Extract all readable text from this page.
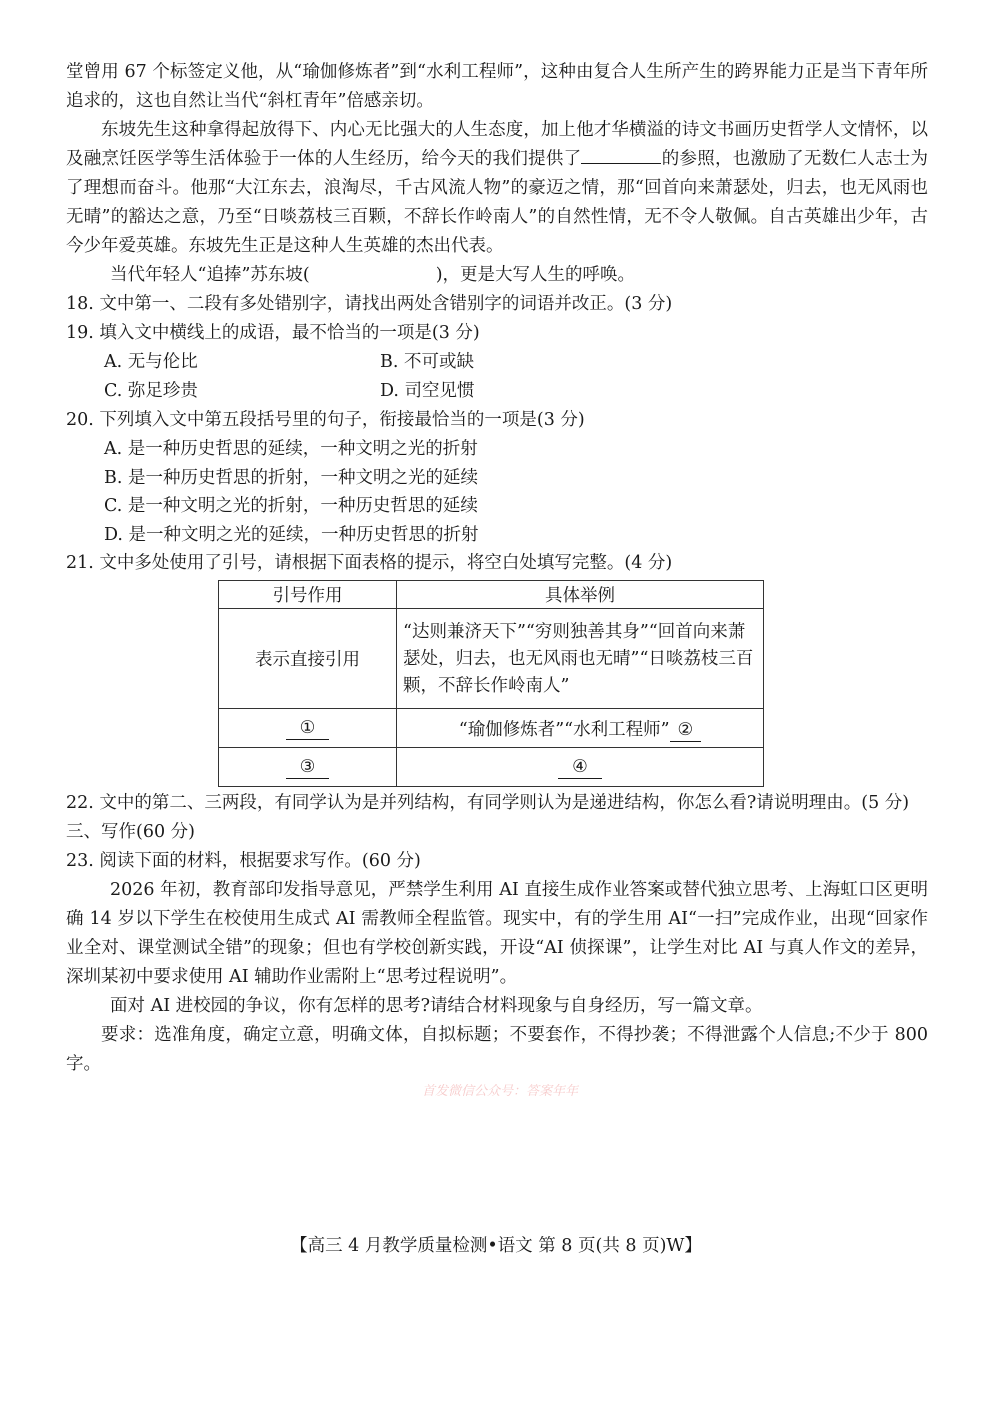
堂曾用 67 个标签定义他，从“瑜伽修炼者”到“水利工程师”，这种由复合人生所产生的跨界能力正是当下青年所追求的，这也自然让当代“斜杠青年”倍感亲切。

东坡先生这种拿得起放得下、内心无比强大的人生态度，加上他才华横溢的诗文书画历史哲学人文情怀，以及融烹饪医学等生活体验于一体的人生经历，给今天的我们提供了	的参照，也激励了无数仁人志士为了理想而奋斗。他那“大江东去，浪淘尽，千古风流人物”的豪迈之情，那“回首向来萧瑟处，归去，也无风雨也无晴”的豁达之意，乃至“日啖荔枝三百颗，不辞长作岭南人”的自然性情，无不令人敬佩。自古英雄出少年，古今少年爱英雄。东坡先生正是这种人生英雄的杰出代表。

当代年轻人“追捧”苏东坡(	)，更是大写人生的呼唤。

18. 文中第一、二段有多处错别字，请找出两处含错别字的词语并改正。(3 分)

19. 填入文中横线上的成语，最不恰当的一项是(3 分)

A. 无与伦比	B. 不可或缺
C. 弥足珍贵	D. 司空见惯

20. 下列填入文中第五段括号里的句子，衔接最恰当的一项是(3 分)

A. 是一种历史哲思的延续，一种文明之光的折射
B. 是一种历史哲思的折射，一种文明之光的延续
C. 是一种文明之光的折射，一种历史哲思的延续
D. 是一种文明之光的延续，一种历史哲思的折射

21. 文中多处使用了引号，请根据下面表格的提示，将空白处填写完整。(4 分)

引号作用	具体举例
表示直接引用	“达则兼济天下”“穷则独善其身”“回首向来萧瑟处，归去，也无风雨也无晴”“日啖荔枝三百颗，不辞长作岭南人”
①	“瑜伽修炼者”“水利工程师” ②
③	④

22. 文中的第二、三两段，有同学认为是并列结构，有同学则认为是递进结构，你怎么看?请说明理由。(5 分)

三、写作(60 分)

23. 阅读下面的材料，根据要求写作。(60 分)

2026 年初，教育部印发指导意见，严禁学生利用 AI 直接生成作业答案或替代独立思考、上海虹口区更明确 14 岁以下学生在校使用生成式 AI 需教师全程监管。现实中，有的学生用 AI“一扫”完成作业，出现“回家作业全对、课堂测试全错”的现象；但也有学校创新实践，开设“AI 侦探课”，让学生对比 AI 与真人作文的差异，深圳某初中要求使用 AI 辅助作业需附上“思考过程说明”。

面对 AI 进校园的争议，你有怎样的思考?请结合材料现象与自身经历，写一篇文章。

要求：选准角度，确定立意，明确文体，自拟标题；不要套作，不得抄袭；不得泄露个人信息;不少于 800 字。

首发微信公众号：答案年年
【高三 4 月教学质量检测•语文 第 8 页(共 8 页)W】
